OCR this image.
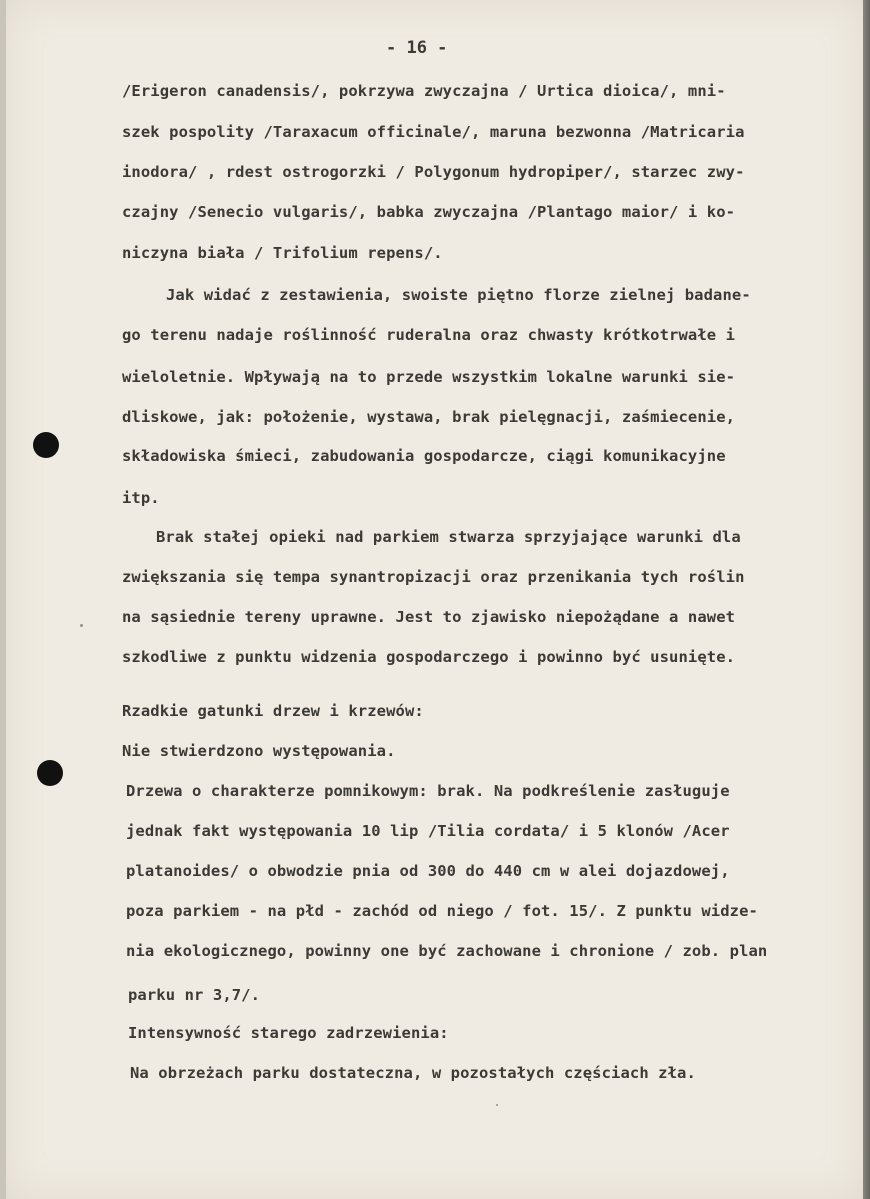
- 16 -
/Erigeron canadensis/, pokrzywa zwyczajna / Urtica dioica/, mni-
szek pospolity /Taraxacum officinale/, maruna bezwonna /Matricaria
inodora/ , rdest ostrogorzki / Polygonum hydropiper/, starzec zwy-
czajny /Senecio vulgaris/, babka zwyczajna /Plantago maior/ i ko-
niczyna biała / Trifolium repens/.
Jak widać z zestawienia, swoiste piętno florze zielnej badane-
go terenu nadaje roślinność ruderalna oraz chwasty krótkotrwałe i
wieloletnie. Wpływają na to przede wszystkim lokalne warunki sie-
dliskowe, jak: położenie, wystawa, brak pielęgnacji, zaśmiecenie,
składowiska śmieci, zabudowania gospodarcze, ciągi komunikacyjne
itp.
Brak stałej opieki nad parkiem stwarza sprzyjające warunki dla
zwiększania się tempa synantropizacji oraz przenikania tych roślin
na sąsiednie tereny uprawne. Jest to zjawisko niepożądane a nawet
szkodliwe z punktu widzenia gospodarczego i powinno być usunięte.
Rzadkie gatunki drzew i krzewów:
Nie stwierdzono występowania.
Drzewa o charakterze pomnikowym: brak. Na podkreślenie zasługuje
jednak fakt występowania 10 lip /Tilia cordata/ i 5 klonów /Acer
platanoides/ o obwodzie pnia od 300 do 440 cm w alei dojazdowej,
poza parkiem - na płd - zachód od niego / fot. 15/. Z punktu widze-
nia ekologicznego, powinny one być zachowane i chronione / zob. plan
parku nr 3,7/.
Intensywność starego zadrzewienia:
Na obrzeżach parku dostateczna, w pozostałych częściach zła.
